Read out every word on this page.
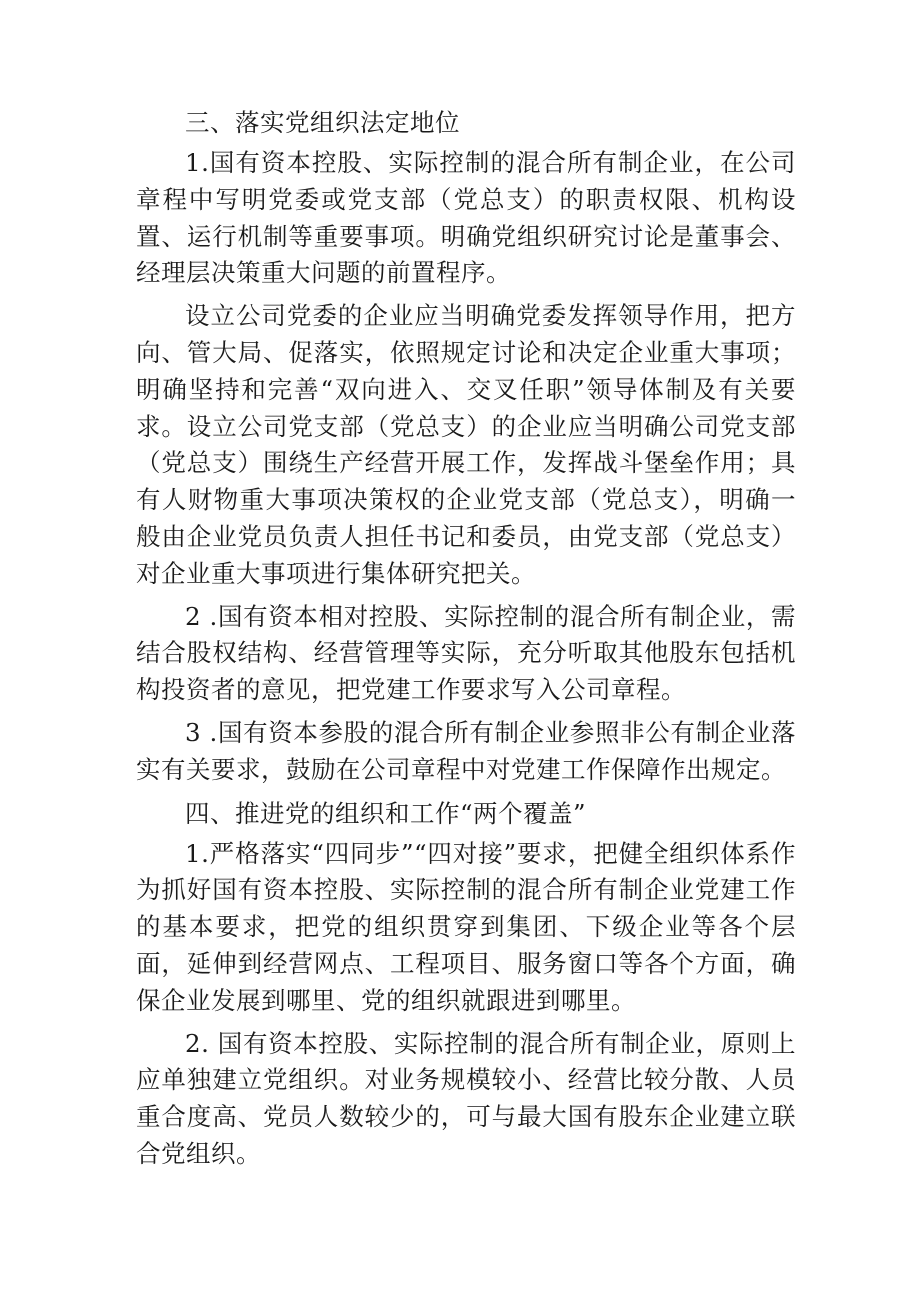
三、落实党组织法定地位

1.国有资本控股、实际控制的混合所有制企业，在公司章程中写明党委或党支部（党总支）的职责权限、机构设置、运行机制等重要事项。明确党组织研究讨论是董事会、经理层决策重大问题的前置程序。

设立公司党委的企业应当明确党委发挥领导作用，把方向、管大局、促落实，依照规定讨论和决定企业重大事项；明确坚持和完善“双向进入、交叉任职”领导体制及有关要求。设立公司党支部（党总支）的企业应当明确公司党支部（党总支）围绕生产经营开展工作，发挥战斗堡垒作用；具有人财物重大事项决策权的企业党支部（党总支），明确一般由企业党员负责人担任书记和委员，由党支部（党总支）对企业重大事项进行集体研究把关。

2 .国有资本相对控股、实际控制的混合所有制企业，需结合股权结构、经营管理等实际，充分听取其他股东包括机构投资者的意见，把党建工作要求写入公司章程。

3 .国有资本参股的混合所有制企业参照非公有制企业落实有关要求，鼓励在公司章程中对党建工作保障作出规定。

四、推进党的组织和工作“两个覆盖”

1.严格落实“四同步”“四对接”要求，把健全组织体系作为抓好国有资本控股、实际控制的混合所有制企业党建工作的基本要求，把党的组织贯穿到集团、下级企业等各个层面，延伸到经营网点、工程项目、服务窗口等各个方面，确保企业发展到哪里、党的组织就跟进到哪里。

2. 国有资本控股、实际控制的混合所有制企业，原则上应单独建立党组织。对业务规模较小、经营比较分散、人员重合度高、党员人数较少的，可与最大国有股东企业建立联合党组织。
